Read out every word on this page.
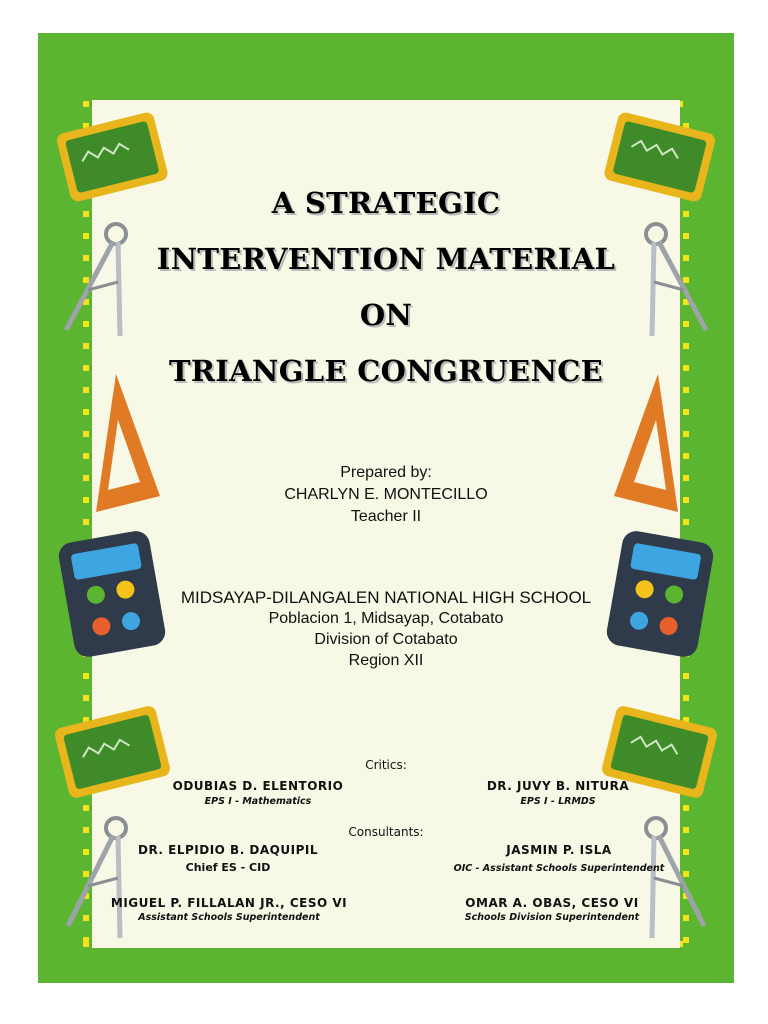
A STRATEGIC
INTERVENTION MATERIAL
ON
TRIANGLE CONGRUENCE
Prepared by:
CHARLYN E. MONTECILLO
Teacher II
MIDSAYAP-DILANGALEN NATIONAL HIGH SCHOOL
Poblacion 1, Midsayap, Cotabato
Division of Cotabato
Region XII
Critics:
ODUBIAS D. ELENTORIO
EPS I - Mathematics
DR. JUVY B. NITURA
EPS I - LRMDS
Consultants:
DR. ELPIDIO B. DAQUIPIL
Chief ES - CID
JASMIN P. ISLA
OIC - Assistant Schools Superintendent
MIGUEL P. FILLALAN JR., CESO VI
Assistant Schools Superintendent
OMAR A. OBAS, CESO VI
Schools Division Superintendent
